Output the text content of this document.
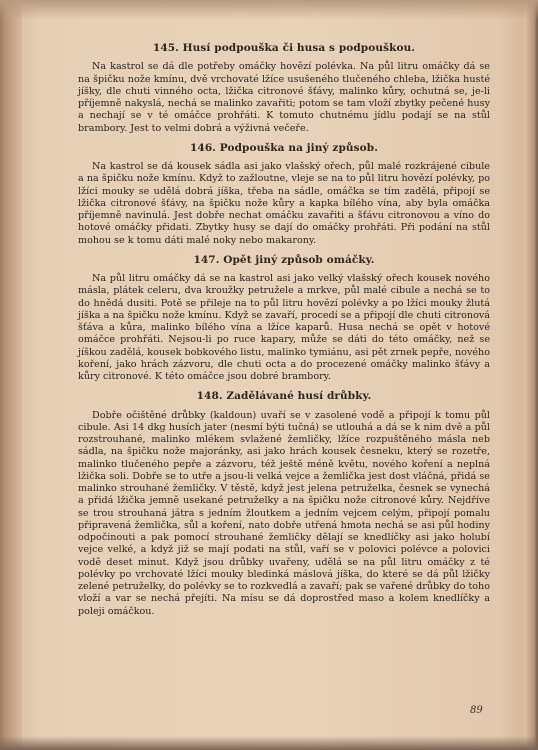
145. Husí podpouška či husa s podpouškou.

Na kastrol se dá dle potřeby omáčky hovězí polévka. Na půl litru omáčky dá se na špičku nože kmínu, dvě vrchovaté lžíce usušeného tlučeného chleba, lžička husté jíšky, dle chuti vinného octa, lžička citronové šťávy, malinko kůry, ochutná se, je-li příjemně nakyslá, nechá se malinko zavařiti; potom se tam vloží zbytky pečené husy a nechají se v té omáčce prohřáti. K tomuto chutnému jídlu podají se na stůl brambory. Jest to velmi dobrá a výživná večeře.

146. Podpouška na jiný způsob.

Na kastrol se dá kousek sádla asi jako vlašský ořech, půl malé rozkrájené cibule a na špičku nože kmínu. Když to zažloutne, vleje se na to půl litru hovězí polévky, po lžíci mouky se udělá dobrá jíška, třeba na sádle, omáčka se tím zadělá, připojí se lžička citronové šťávy, na špičku nože kůry a kapka bílého vína, aby byla omáčka příjemně navinulá. Jest dobře nechat omáčku zavařiti a šťávu citronovou a víno do hotové omáčky přidati. Zbytky husy se dají do omáčky prohřáti. Při podání na stůl mohou se k tomu dáti malé noky nebo makarony.

147. Opět jiný způsob omáčky.

Na půl litru omáčky dá se na kastrol asi jako velký vlašský ořech kousek nového másla, plátek celeru, dva kroužky petružele a mrkve, půl malé cibule a nechá se to do hnědá dusiti. Potě se přileje na to půl litru hovězí polévky a po lžíci mouky žlutá jíška a na špičku nože kmínu. Když se zavaří, procedí se a připojí dle chuti citronová šťáva a kůra, malinko bílého vína a lžíce kaparů. Husa nechá se opět v hotové omáčce prohřáti. Nejsou-li po ruce kapary, může se dáti do této omáčky, než se jíškou zadělá, kousek bobkového listu, malinko tymiánu, asi pět zrnek pepře, nového koření, jako hrách zázvoru, dle chuti octa a do procezené omáčky malinko šťávy a kůry citronové. K této omáčce jsou dobré brambory.

148. Zadělávané husí drůbky.

Dobře očištěné drůbky (kaldoun) uvaří se v zasolené vodě a připojí k tomu půl cibule. Asi 14 dkg husích jater (nesmí býti tučná) se utlouhá a dá se k nim dvě a půl rozstrouhané, malinko mlékem svlažené žemličky, lžíce rozpuštěného másla neb sádla, na špičku nože majoránky, asi jako hrách kousek česneku, který se rozetře, malinko tlučeného pepře a zázvoru, též ještě méně květu, nového koření a neplná lžička soli. Dobře se to utře a jsou-li velká vejce a žemlička jest dost vláčná, přidá se malinko strouhané žemličky. V těstě, když jest jelena petruželka, česnek se vynechá a přidá lžička jemně usekané petruželky a na špičku nože citronové kůry. Nejdříve se trou strouhaná játra s jedním žloutkem a jedním vejcem celým, připojí pomalu připravená žemlička, sůl a koření, nato dobře utřená hmota nechá se asi půl hodiny odpočinouti a pak pomocí strouhané žemličky dělají se knedlíčky asi jako holubí vejce velké, a když již se mají podati na stůl, vaří se v polovici polévce a polovici vodě deset minut. Když jsou drůbky uvařeny, udělá se na půl litru omáčky z té polévky po vrchovaté lžíci mouky bledinká máslová jíška, do které se dá půl lžičky zelené petruželky, do polévky se to rozkvedlá a zavaří; pak se vařené drůbky do toho vloží a var se nechá přejíti. Na mísu se dá doprostřed maso a kolem knedlíčky a poleji omáčkou.

89
